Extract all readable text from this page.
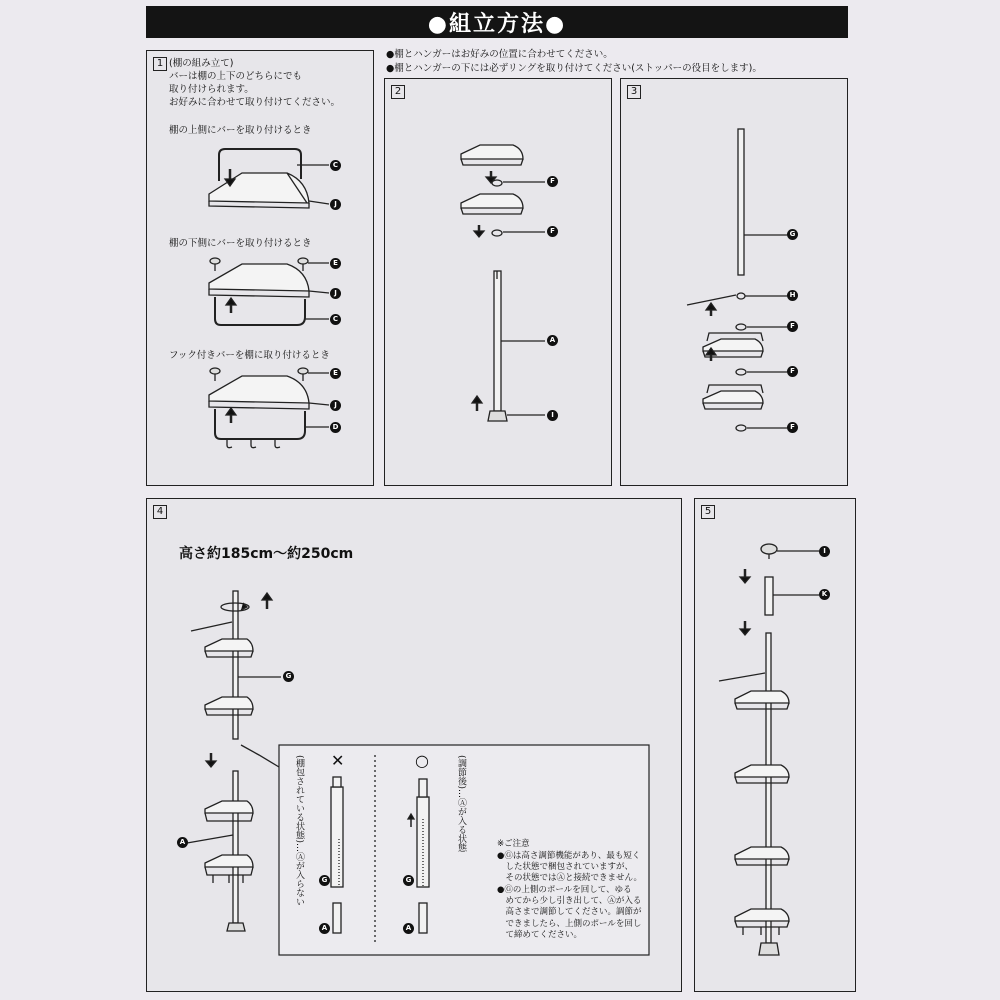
●組立方法●
●棚とハンガーはお好みの位置に合わせてください。
●棚とハンガーの下には必ずリングを取り付けてください(ストッパーの役目をします)。
1 (棚の組み立て)
バーは棚の上下のどちらにでも
取り付けられます。
お好みに合わせて取り付けてください。
棚の上側にバーを取り付けるとき
棚の下側にバーを取り付けるとき
フック付きバーを棚に取り付けるとき
C
J
E
J
C
E
J
D
2
F
F
A
I
3
G
H
F
F
F
4
高さ約185cm〜約250cm
G
A
✕	○
(棚包されている状態)…Ⓐが入らない	(調節後)…Ⓐが入る状態
G
A
G
A
※ご注意
●Ⓖは高さ調節機能があり、最も短く
　した状態で梱包されていますが、
　その状態ではⒶと接続できません。
●Ⓖの上側のポールを回して、ゆる
　めてから少し引き出して、Ⓐが入る
　高さまで調節してください。調節が
　できましたら、上側のポールを回し
　て締めてください。
5
I
K
